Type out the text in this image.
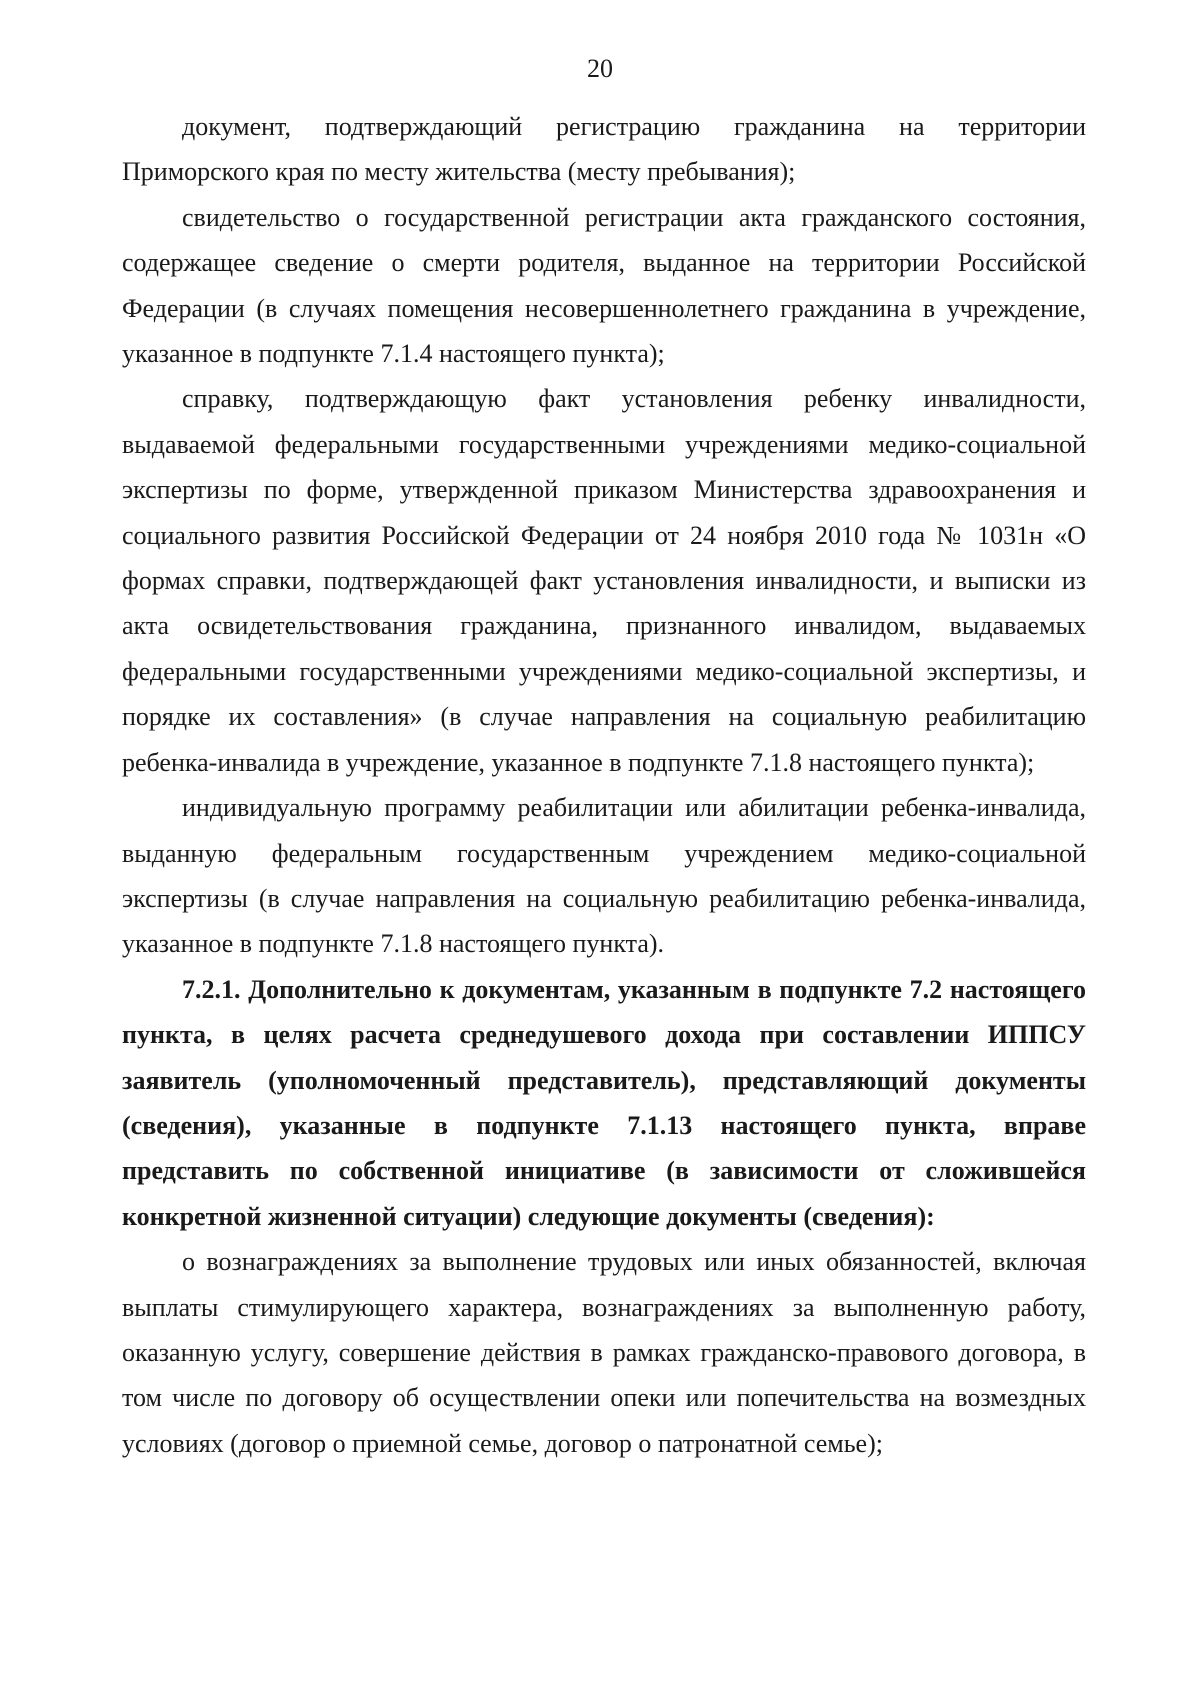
20

документ, подтверждающий регистрацию гражданина на территории Приморского края по месту жительства (месту пребывания);

свидетельство о государственной регистрации акта гражданского состояния, содержащее сведение о смерти родителя, выданное на территории Российской Федерации (в случаях помещения несовершеннолетнего гражданина в учреждение, указанное в подпункте 7.1.4 настоящего пункта);

справку, подтверждающую факт установления ребенку инвалидности, выдаваемой федеральными государственными учреждениями медико-социальной экспертизы по форме, утвержденной приказом Министерства здравоохранения и социального развития Российской Федерации от 24 ноября 2010 года № 1031н «О формах справки, подтверждающей факт установления инвалидности, и выписки из акта освидетельствования гражданина, признанного инвалидом, выдаваемых федеральными государственными учреждениями медико-социальной экспертизы, и порядке их составления» (в случае направления на социальную реабилитацию ребенка-инвалида в учреждение, указанное в подпункте 7.1.8 настоящего пункта);

индивидуальную программу реабилитации или абилитации ребенка-инвалида, выданную федеральным государственным учреждением медико-социальной экспертизы (в случае направления на социальную реабилитацию ребенка-инвалида, указанное в подпункте 7.1.8 настоящего пункта).

7.2.1. Дополнительно к документам, указанным в подпункте 7.2 настоящего пункта, в целях расчета среднедушевого дохода при составлении ИППСУ заявитель (уполномоченный представитель), представляющий документы (сведения), указанные в подпункте 7.1.13 настоящего пункта, вправе представить по собственной инициативе (в зависимости от сложившейся конкретной жизненной ситуации) следующие документы (сведения):

о вознаграждениях за выполнение трудовых или иных обязанностей, включая выплаты стимулирующего характера, вознаграждениях за выполненную работу, оказанную услугу, совершение действия в рамках гражданско-правового договора, в том числе по договору об осуществлении опеки или попечительства на возмездных условиях (договор о приемной семье, договор о патронатной семье);
